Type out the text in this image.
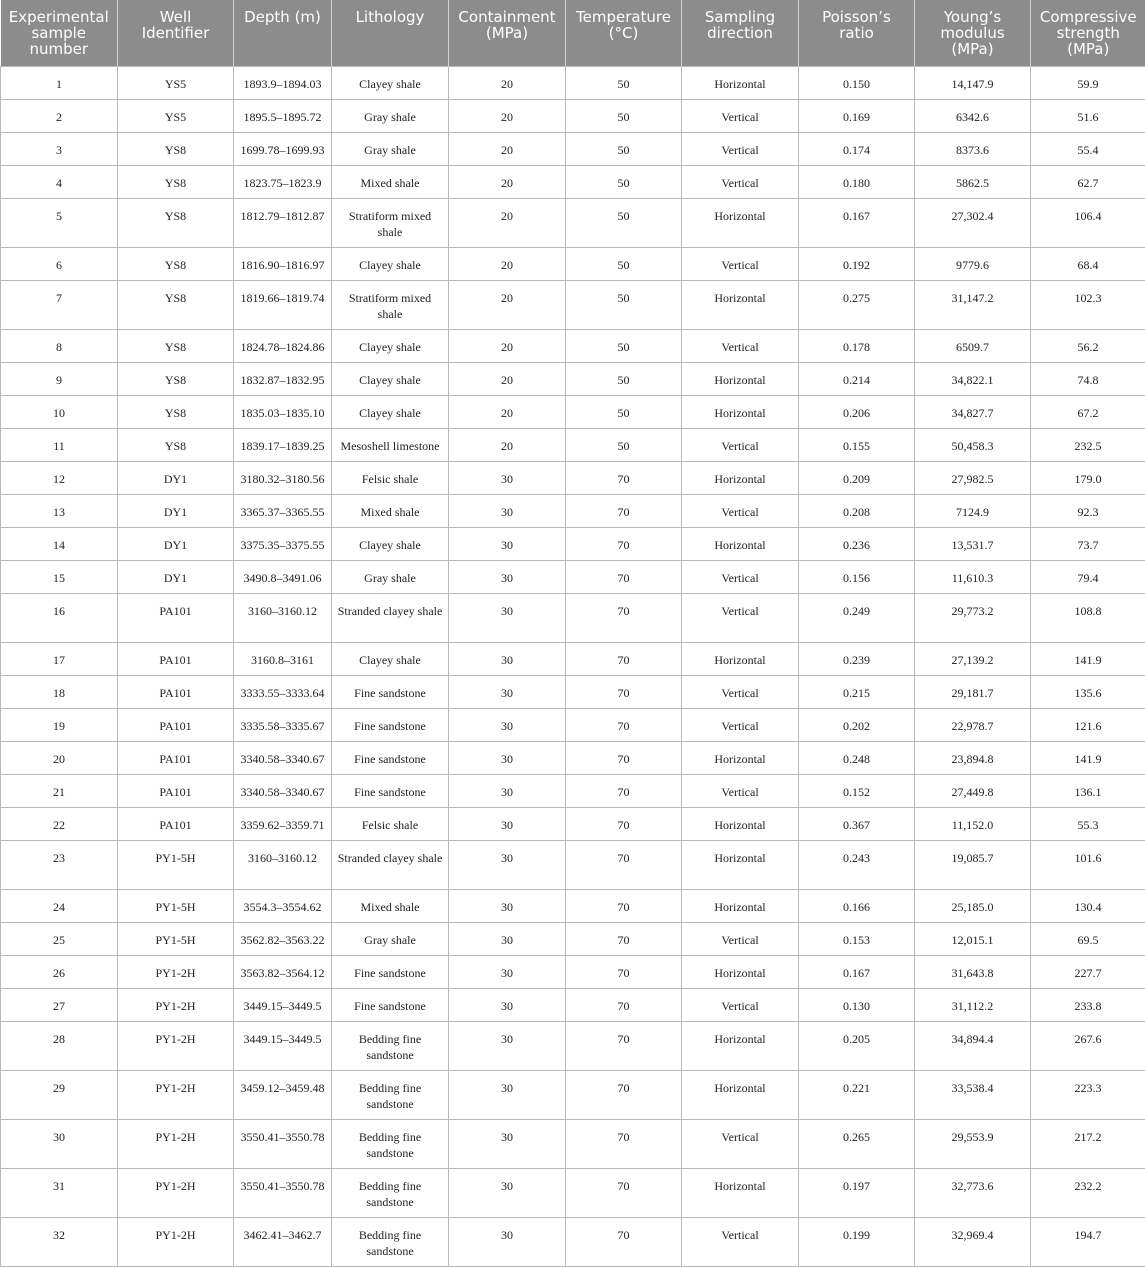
Experimental sample number	Well Identifier	Depth (m)	Lithology	Containment (MPa)	Temperature (°C)	Sampling direction	Poisson’s ratio	Young’s modulus (MPa)	Compressive strength (MPa)
1	YS5	1893.9–1894.03	Clayey shale	20	50	Horizontal	0.150	14,147.9	59.9
2	YS5	1895.5–1895.72	Gray shale	20	50	Vertical	0.169	6342.6	51.6
3	YS8	1699.78–1699.93	Gray shale	20	50	Vertical	0.174	8373.6	55.4
4	YS8	1823.75–1823.9	Mixed shale	20	50	Vertical	0.180	5862.5	62.7
5	YS8	1812.79–1812.87	Stratiform mixed shale	20	50	Horizontal	0.167	27,302.4	106.4
6	YS8	1816.90–1816.97	Clayey shale	20	50	Vertical	0.192	9779.6	68.4
7	YS8	1819.66–1819.74	Stratiform mixed shale	20	50	Horizontal	0.275	31,147.2	102.3
8	YS8	1824.78–1824.86	Clayey shale	20	50	Vertical	0.178	6509.7	56.2
9	YS8	1832.87–1832.95	Clayey shale	20	50	Horizontal	0.214	34,822.1	74.8
10	YS8	1835.03–1835.10	Clayey shale	20	50	Horizontal	0.206	34,827.7	67.2
11	YS8	1839.17–1839.25	Mesoshell limestone	20	50	Vertical	0.155	50,458.3	232.5
12	DY1	3180.32–3180.56	Felsic shale	30	70	Horizontal	0.209	27,982.5	179.0
13	DY1	3365.37–3365.55	Mixed shale	30	70	Vertical	0.208	7124.9	92.3
14	DY1	3375.35–3375.55	Clayey shale	30	70	Horizontal	0.236	13,531.7	73.7
15	DY1	3490.8–3491.06	Gray shale	30	70	Vertical	0.156	11,610.3	79.4
16	PA101	3160–3160.12	Stranded clayey shale	30	70	Vertical	0.249	29,773.2	108.8
17	PA101	3160.8–3161	Clayey shale	30	70	Horizontal	0.239	27,139.2	141.9
18	PA101	3333.55–3333.64	Fine sandstone	30	70	Vertical	0.215	29,181.7	135.6
19	PA101	3335.58–3335.67	Fine sandstone	30	70	Vertical	0.202	22,978.7	121.6
20	PA101	3340.58–3340.67	Fine sandstone	30	70	Horizontal	0.248	23,894.8	141.9
21	PA101	3340.58–3340.67	Fine sandstone	30	70	Vertical	0.152	27,449.8	136.1
22	PA101	3359.62–3359.71	Felsic shale	30	70	Horizontal	0.367	11,152.0	55.3
23	PY1-5H	3160–3160.12	Stranded clayey shale	30	70	Horizontal	0.243	19,085.7	101.6
24	PY1-5H	3554.3–3554.62	Mixed shale	30	70	Horizontal	0.166	25,185.0	130.4
25	PY1-5H	3562.82–3563.22	Gray shale	30	70	Vertical	0.153	12,015.1	69.5
26	PY1-2H	3563.82–3564.12	Fine sandstone	30	70	Horizontal	0.167	31,643.8	227.7
27	PY1-2H	3449.15–3449.5	Fine sandstone	30	70	Vertical	0.130	31,112.2	233.8
28	PY1-2H	3449.15–3449.5	Bedding fine sandstone	30	70	Horizontal	0.205	34,894.4	267.6
29	PY1-2H	3459.12–3459.48	Bedding fine sandstone	30	70	Horizontal	0.221	33,538.4	223.3
30	PY1-2H	3550.41–3550.78	Bedding fine sandstone	30	70	Vertical	0.265	29,553.9	217.2
31	PY1-2H	3550.41–3550.78	Bedding fine sandstone	30	70	Horizontal	0.197	32,773.6	232.2
32	PY1-2H	3462.41–3462.7	Bedding fine sandstone	30	70	Vertical	0.199	32,969.4	194.7
